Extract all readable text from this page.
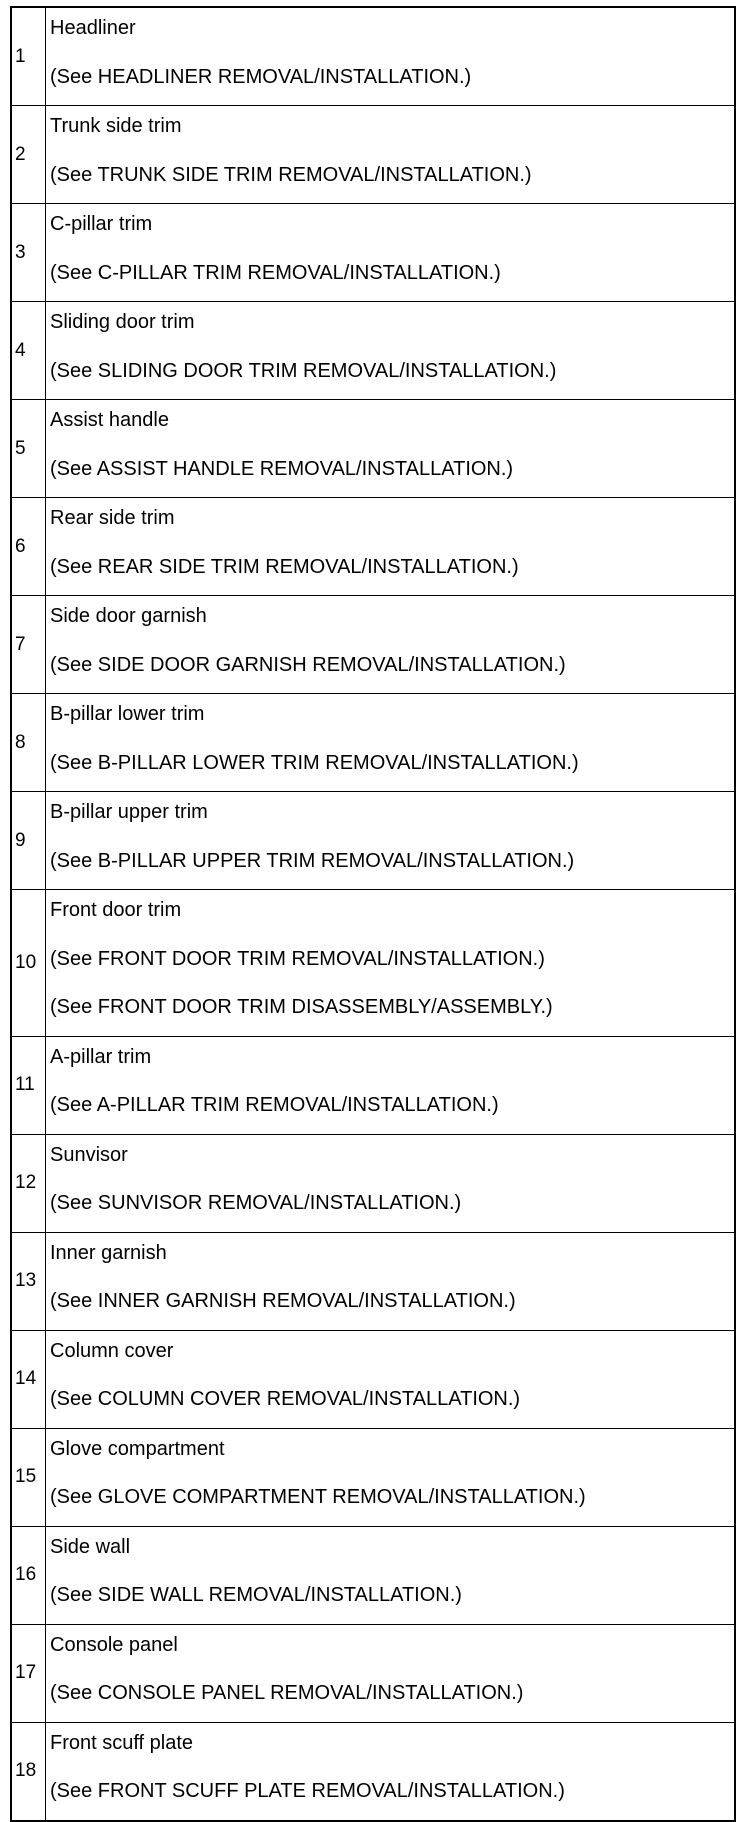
1	Headliner
(See HEADLINER REMOVAL/INSTALLATION.)

2	Trunk side trim
(See TRUNK SIDE TRIM REMOVAL/INSTALLATION.)

3	C-pillar trim
(See C-PILLAR TRIM REMOVAL/INSTALLATION.)

4	Sliding door trim
(See SLIDING DOOR TRIM REMOVAL/INSTALLATION.)

5	Assist handle
(See ASSIST HANDLE REMOVAL/INSTALLATION.)

6	Rear side trim
(See REAR SIDE TRIM REMOVAL/INSTALLATION.)

7	Side door garnish
(See SIDE DOOR GARNISH REMOVAL/INSTALLATION.)

8	B-pillar lower trim
(See B-PILLAR LOWER TRIM REMOVAL/INSTALLATION.)

9	B-pillar upper trim
(See B-PILLAR UPPER TRIM REMOVAL/INSTALLATION.)

10	Front door trim
(See FRONT DOOR TRIM REMOVAL/INSTALLATION.)
(See FRONT DOOR TRIM DISASSEMBLY/ASSEMBLY.)

11	A-pillar trim
(See A-PILLAR TRIM REMOVAL/INSTALLATION.)

12	Sunvisor
(See SUNVISOR REMOVAL/INSTALLATION.)

13	Inner garnish
(See INNER GARNISH REMOVAL/INSTALLATION.)

14	Column cover
(See COLUMN COVER REMOVAL/INSTALLATION.)

15	Glove compartment
(See GLOVE COMPARTMENT REMOVAL/INSTALLATION.)

16	Side wall
(See SIDE WALL REMOVAL/INSTALLATION.)

17	Console panel
(See CONSOLE PANEL REMOVAL/INSTALLATION.)

18	Front scuff plate
(See FRONT SCUFF PLATE REMOVAL/INSTALLATION.)
